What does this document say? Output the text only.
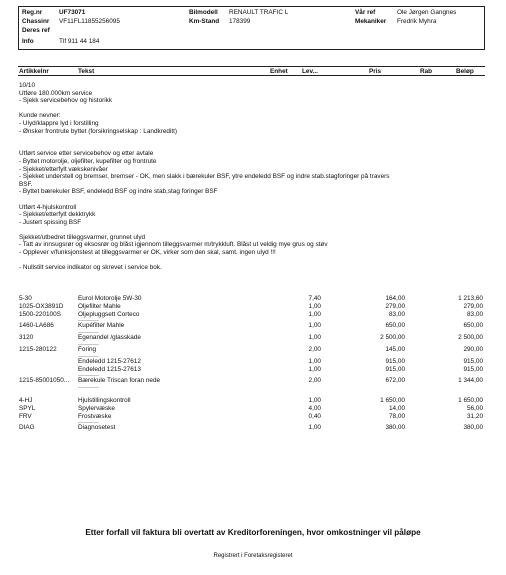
Reg.nr	UF73071
Chassinr VF11FL11855256095
Deres ref
Info	Tlf 911 44 184
Bilmodell RENAULT TRAFIC L
Km-Stand 178399
Vår ref	Ole Jørgen Gangnes
Mekaniker Fredrik Myhra
Artikkelnr	Tekst	Enhet Lev...	Pris	Rab	Beløp
10/10
Utføre 180.000km service
- Sjekk servicebehov og historikk
Kunde nevner:
- Ulyd/klappre lyd i forstilling
- Ønsker frontrute byttet (forsikringselskap : Landkreditt)
Utført service etter servicebehov og etter avtale
- Byttet motorolje, oljefilter, kupefilter og frontrute
- Sjekket/etterfylt vækskenivåer
- Sjekket understell og bremser, bremser - OK, men slakk i bærekuler BSF, ytre endeledd BSF og indre stab.stagforinger på travers
BSF.
- Byttet bærekuler BSF, endeledd BSF og indre stab,stag foringer BSF
Utført 4-hjulskontroll
- Sjekket/etterfylt dekktrykk
- Justert spissing BSF
Sjekket/utbedret tilleggsvarmer, grunnet ulyd
- Tatt av innsugsrør og eksosrør og blåst igjennom tilleggsvarmer m/trykkluft. Blåst ut veldig mye grus og støv
- Opplever v/funksjonstest at tilleggsvarmer er OK, virker som den skal, samt. ingen ulyd !!!
- Nullstilt service indikator og skrevet i service bok.
5-30	Eurol Motorolje 5W-30	7,40	164,00	1 213,60
1025-OX3891D Oljefilter Mahle	1,00	279,00	279,00
1500-220100S	Oljepluggsett Corteco	1,00	83,00	83,00
--------------------
1460-LA686	Kupéfilter Mahle	1,00	650,00	650,00
--------------------
3120	Egenandel /glasskade	1,00	2 500,00	2 500,00
--------------------
1215-280122	Foring	2,00	145,00	290,00
--------------------
Endeledd 1215-27612	1,00	915,00	915,00
Endeledd 1215-27613	1,00	915,00	915,00
--------------------
1215-85001050... Bærekule Triscan foran nede	2,00	672,00	1 344,00
--------------------
4-HJ	Hjulstillingskontroll	1,00	1 650,00	1 650,00
SPYL	Spylervæske	4,00	14,00	56,00
FRV	Frostvæske	0,40	78,00	31,20
--------------------
DIAG	Diagnosetest	1,00	380,00	380,00
Etter forfall vil faktura bli overtatt av Kreditorforeningen, hvor omkostninger vil påløpe
Registrert i Foretaksregisteret
